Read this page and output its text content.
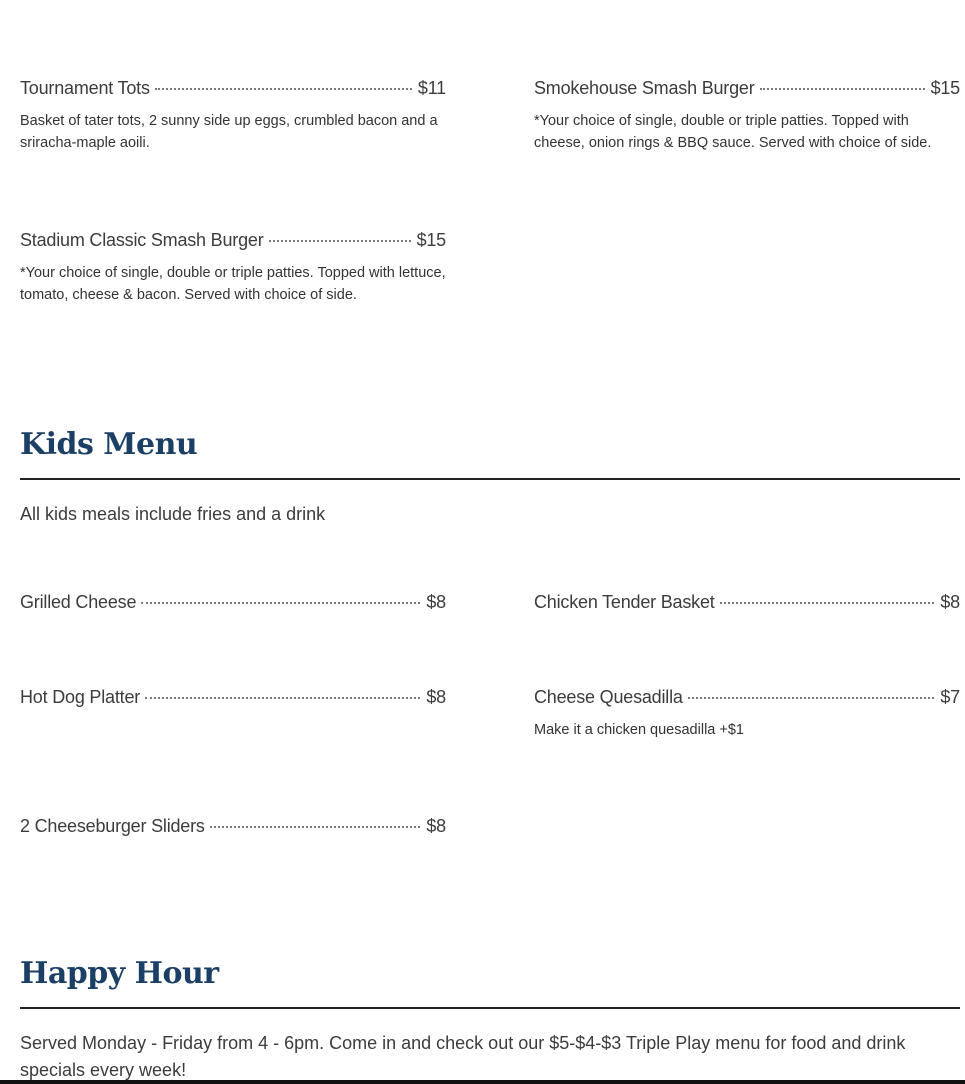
Tournament Tots	$11
Basket of tater tots, 2 sunny side up eggs, crumbled bacon and a sriracha-maple aoili.
Smokehouse Smash Burger	$15
*Your choice of single, double or triple patties. Topped with cheese, onion rings & BBQ sauce. Served with choice of side.
Stadium Classic Smash Burger	$15
*Your choice of single, double or triple patties. Topped with lettuce, tomato, cheese & bacon. Served with choice of side.
Kids Menu
All kids meals include fries and a drink
Grilled Cheese	$8	Chicken Tender Basket	$8
Hot Dog Platter	$8	Cheese Quesadilla	$7
Make it a chicken quesadilla +$1
2 Cheeseburger Sliders	$8
Happy Hour
Served Monday - Friday from 4 - 6pm. Come in and check out our $5-$4-$3 Triple Play menu for food and drink specials every week!
